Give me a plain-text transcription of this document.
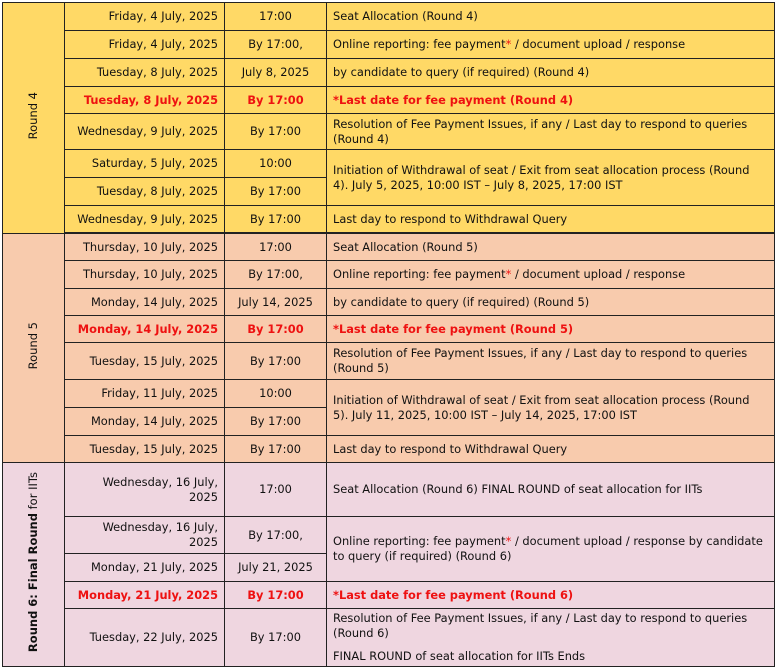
Round 4	Friday, 4 July, 2025	17:00	Seat Allocation (Round 4)
	Friday, 4 July, 2025	By 17:00,	Online reporting: fee payment* / document upload / response
	Tuesday, 8 July, 2025	July 8, 2025	by candidate to query (if required) (Round 4)
	Tuesday, 8 July, 2025	By 17:00	*Last date for fee payment (Round 4)
	Wednesday, 9 July, 2025	By 17:00	Resolution of Fee Payment Issues, if any / Last day to respond to queries (Round 4)
	Saturday, 5 July, 2025	10:00	Initiation of Withdrawal of seat / Exit from seat allocation process (Round 4). July 5, 2025, 10:00 IST – July 8, 2025, 17:00 IST
	Tuesday, 8 July, 2025	By 17:00	
	Wednesday, 9 July, 2025	By 17:00	Last day to respond to Withdrawal Query

Round 5	Thursday, 10 July, 2025	17:00	Seat Allocation (Round 5)
	Thursday, 10 July, 2025	By 17:00,	Online reporting: fee payment* / document upload / response
	Monday, 14 July, 2025	July 14, 2025	by candidate to query (if required) (Round 5)
	Monday, 14 July, 2025	By 17:00	*Last date for fee payment (Round 5)
	Tuesday, 15 July, 2025	By 17:00	Resolution of Fee Payment Issues, if any / Last day to respond to queries (Round 5)
	Friday, 11 July, 2025	10:00	Initiation of Withdrawal of seat / Exit from seat allocation process (Round 5). July 11, 2025, 10:00 IST – July 14, 2025, 17:00 IST
	Monday, 14 July, 2025	By 17:00	
	Tuesday, 15 July, 2025	By 17:00	Last day to respond to Withdrawal Query
Round 6: Final Round for IITs	Wednesday, 16 July, 2025	17:00	Seat Allocation (Round 6) FINAL ROUND of seat allocation for IITs
	Wednesday, 16 July, 2025	By 17:00,	Online reporting: fee payment* / document upload / response by candidate to query (if required) (Round 6)
	Monday, 21 July, 2025	July 21, 2025	
	Monday, 21 July, 2025	By 17:00	*Last date for fee payment (Round 6)
	Tuesday, 22 July, 2025	By 17:00	Resolution of Fee Payment Issues, if any / Last day to respond to queries (Round 6)
FINAL ROUND of seat allocation for IITs Ends
